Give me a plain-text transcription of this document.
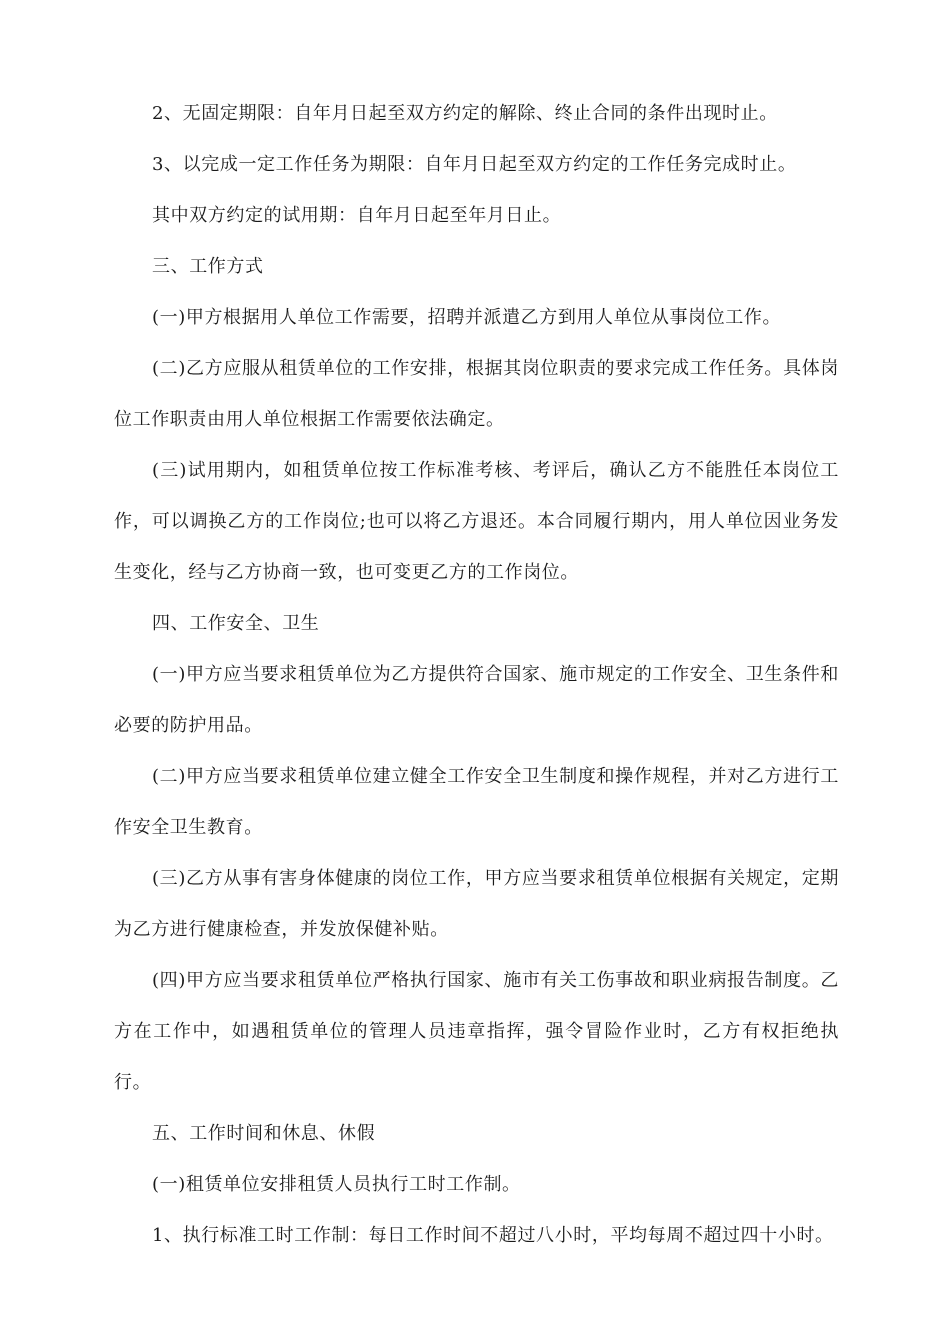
2、无固定期限：自年月日起至双方约定的解除、终止合同的条件出现时止。

3、以完成一定工作任务为期限：自年月日起至双方约定的工作任务完成时止。

其中双方约定的试用期：自年月日起至年月日止。

三、工作方式

(一)甲方根据用人单位工作需要，招聘并派遣乙方到用人单位从事岗位工作。

(二)乙方应服从租赁单位的工作安排，根据其岗位职责的要求完成工作任务。具体岗位工作职责由用人单位根据工作需要依法确定。

(三)试用期内，如租赁单位按工作标准考核、考评后，确认乙方不能胜任本岗位工作，可以调换乙方的工作岗位;也可以将乙方退还。本合同履行期内，用人单位因业务发生变化，经与乙方协商一致，也可变更乙方的工作岗位。

四、工作安全、卫生

(一)甲方应当要求租赁单位为乙方提供符合国家、施市规定的工作安全、卫生条件和必要的防护用品。

(二)甲方应当要求租赁单位建立健全工作安全卫生制度和操作规程，并对乙方进行工作安全卫生教育。

(三)乙方从事有害身体健康的岗位工作，甲方应当要求租赁单位根据有关规定，定期为乙方进行健康检查，并发放保健补贴。

(四)甲方应当要求租赁单位严格执行国家、施市有关工伤事故和职业病报告制度。乙方在工作中，如遇租赁单位的管理人员违章指挥，强令冒险作业时，乙方有权拒绝执行。

五、工作时间和休息、休假

(一)租赁单位安排租赁人员执行工时工作制。

1、执行标准工时工作制：每日工作时间不超过八小时，平均每周不超过四十小时。
